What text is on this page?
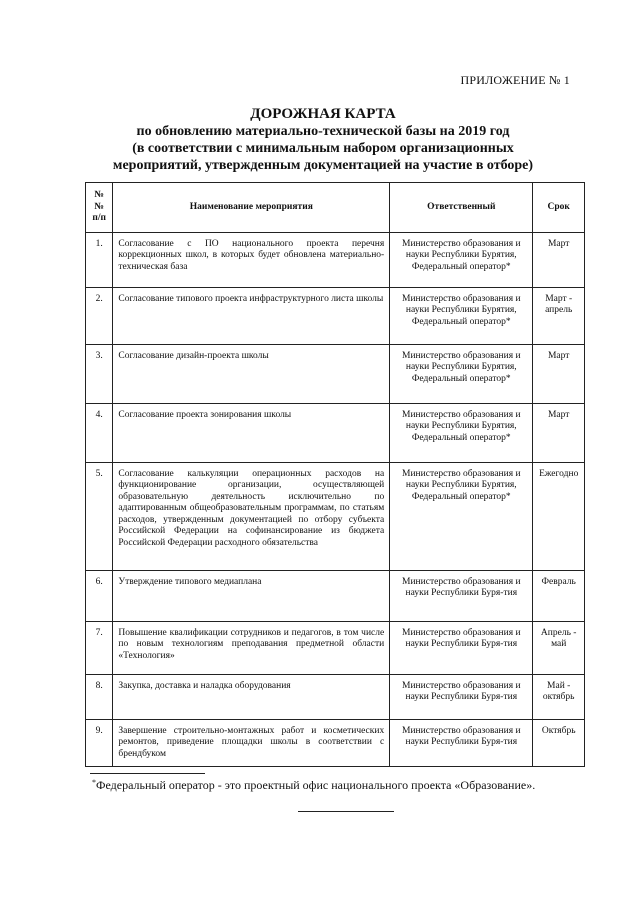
ПРИЛОЖЕНИЕ № 1
ДОРОЖНАЯ КАРТА
по обновлению материально-технической базы на 2019 год
(в соответствии с минимальным набором организационных
мероприятий, утвержденным документацией на участие в отборе)
№№ п/п	Наименование мероприятия	Ответственный	Срок
1.	Согласование с ПО национального проекта перечня коррекционных школ, в которых будет обновлена материально-техническая база	Министерство образования и науки Республики Бурятия, Федеральный оператор*	Март
2.	Согласование типового проекта инфраструктурного листа школы	Министерство образования и науки Республики Бурятия, Федеральный оператор*	Март - апрель
3.	Согласование дизайн-проекта школы	Министерство образования и науки Республики Бурятия, Федеральный оператор*	Март
4.	Согласование проекта зонирования школы	Министерство образования и науки Республики Бурятия, Федеральный оператор*	Март
5.	Согласование калькуляции операционных расходов на функционирование организации, осуществляющей образовательную деятельность исключительно по адаптированным общеобразовательным программам, по статьям расходов, утвержденным документацией по отбору субъекта Российской Федерации на софинансирование из бюджета Российской Федерации расходного обязательства	Министерство образования и науки Республики Бурятия, Федеральный оператор*	Ежегодно
6.	Утверждение типового медиаплана	Министерство образования и науки Республики Буря-тия	Февраль
7.	Повышение квалификации сотрудников и педагогов, в том числе по новым технологиям преподавания предметной области «Технология»	Министерство образования и науки Республики Буря-тия	Апрель - май
8.	Закупка, доставка и наладка оборудования	Министерство образования и науки Республики Буря-тия	Май - октябрь
9.	Завершение строительно-монтажных работ и косметических ремонтов, приведение площадки школы в соответствии с брендбуком	Министерство образования и науки Республики Буря-тия	Октябрь
*Федеральный оператор - это проектный офис национального проекта «Образование».
